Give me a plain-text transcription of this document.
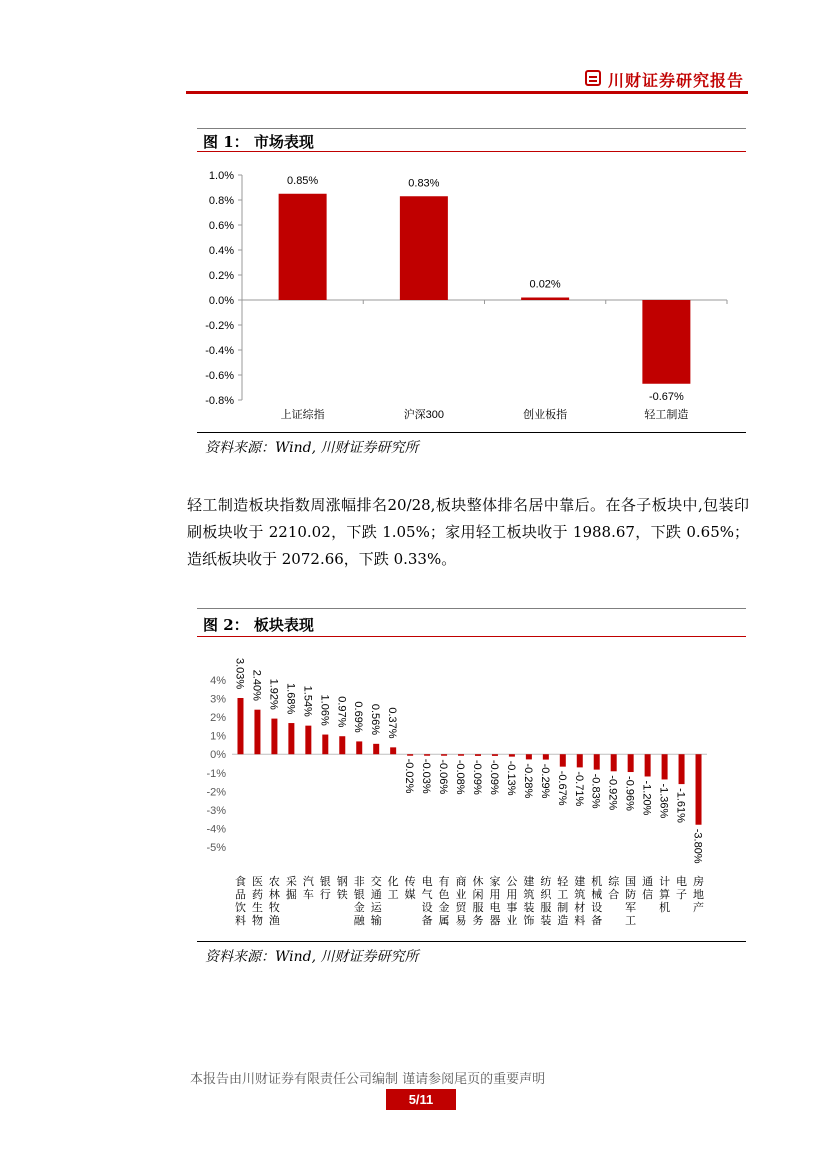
川财证券研究报告
图 1： 市场表现
1.0%
0.8%
0.6%
0.4%
0.2%
0.0%
-0.2%
-0.4%
-0.6%
-0.8%
0.85%
上证综指
0.83%
沪深300
0.02%
创业板指
-0.67%
轻工制造
资料来源：Wind, 川财证券研究所
轻工制造板块指数周涨幅排名20/28,板块整体排名居中靠后。在各子板块中,包装印刷板块收于 2210.02，下跌 1.05%；家用轻工板块收于 1988.67，下跌 0.65%；造纸板块收于 2072.66，下跌 0.33%。
图 2： 板块表现
4%
3%
2%
1%
0%
-1%
-2%
-3%
-4%
-5%
3.03%
食品饮料
2.40%
医药生物
1.92%
农林牧渔
1.68%
采掘
1.54%
汽车
1.06%
银行
0.97%
钢铁
0.69%
非银金融
0.56%
交通运输
0.37%
化工
-0.02%
传媒
-0.03%
电气设备
-0.06%
有色金属
-0.08%
商业贸易
-0.09%
休闲服务
-0.09%
家用电器
-0.13%
公用事业
-0.28%
建筑装饰
-0.29%
纺织服装
-0.67%
轻工制造
-0.71%
建筑材料
-0.83%
机械设备
-0.92%
综合
-0.96%
国防军工
-1.20%
通信
-1.36%
计算机
-1.61%
电子
-3.80%
房地产
资料来源：Wind, 川财证券研究所
本报告由川财证券有限责任公司编制 谨请参阅尾页的重要声明
5/11
